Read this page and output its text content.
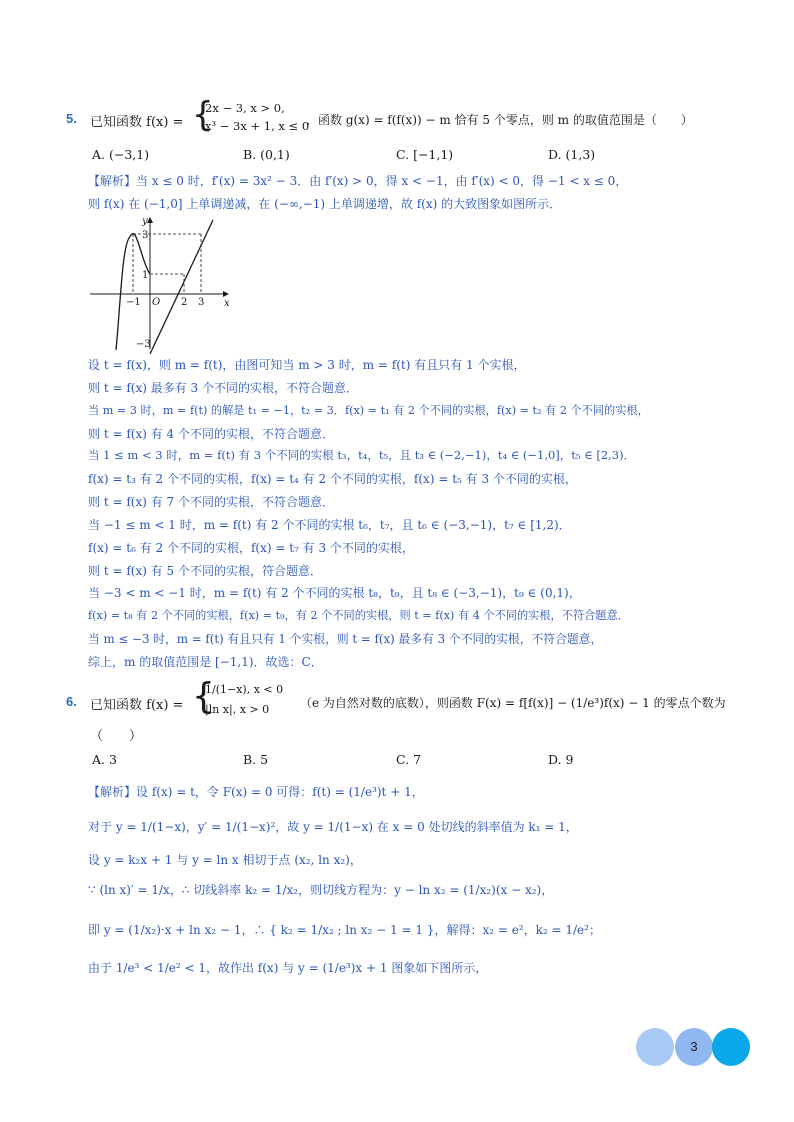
5. 已知函数 f(x) = {
2x − 3, x > 0,
x³ − 3x + 1, x ≤ 0
，函数 g(x) = f(f(x)) − m 恰有 5 个零点，则 m 的取值范围是（　　）
A. (−3,1)	B. (0,1)	C. [−1,1)	D. (1,3)
【解析】当 x ≤ 0 时，f′(x) = 3x² − 3．由 f′(x) > 0，得 x < −1，由 f′(x) < 0，得 −1 < x ≤ 0，
则 f(x) 在 (−1,0] 上单调递减，在 (−∞,−1) 上单调递增，故 f(x) 的大致图象如图所示．
y
x
O
3
1
−3
−1	2 3
设 t = f(x)，则 m = f(t)，由图可知当 m > 3 时，m = f(t) 有且只有 1 个实根，
则 t = f(x) 最多有 3 个不同的实根，不符合题意．
当 m = 3 时，m = f(t) 的解是 t₁ = −1，t₂ = 3．f(x) = t₁ 有 2 个不同的实根，f(x) = t₂ 有 2 个不同的实根，
则 t = f(x) 有 4 个不同的实根，不符合题意．
当 1 ≤ m < 3 时，m = f(t) 有 3 个不同的实根 t₃，t₄，t₅，且 t₃ ∈ (−2,−1)，t₄ ∈ (−1,0]，t₅ ∈ [2,3)．
f(x) = t₃ 有 2 个不同的实根，f(x) = t₄ 有 2 个不同的实根，f(x) = t₅ 有 3 个不同的实根，
则 t = f(x) 有 7 个不同的实根，不符合题意．
当 −1 ≤ m < 1 时，m = f(t) 有 2 个不同的实根 t₆，t₇，且 t₆ ∈ (−3,−1)，t₇ ∈ [1,2)．
f(x) = t₆ 有 2 个不同的实根，f(x) = t₇ 有 3 个不同的实根，
则 t = f(x) 有 5 个不同的实根，符合题意．
当 −3 < m < −1 时，m = f(t) 有 2 个不同的实根 t₈，t₉，且 t₈ ∈ (−3,−1)，t₉ ∈ (0,1)，
f(x) = t₈ 有 2 个不同的实根，f(x) = t₉，有 2 个不同的实根，则 t = f(x) 有 4 个不同的实根，不符合题意．
当 m ≤ −3 时，m = f(t) 有且只有 1 个实根，则 t = f(x) 最多有 3 个不同的实根，不符合题意，
综上，m 的取值范围是 [−1,1)．故选：C．
6. 已知函数 f(x) = {
1/(1−x), x < 0
|ln x|, x > 0	（e 为自然对数的底数），则函数 F(x) = f[f(x)] − (1/e³)f(x) − 1 的零点个数为
（　　）
A. 3	B. 5	C. 7	D. 9
【解析】设 f(x) = t，令 F(x) = 0 可得：f(t) = (1/e³)t + 1，
对于 y = 1/(1−x)，y′ = 1/(1−x)²，故 y = 1/(1−x) 在 x = 0 处切线的斜率值为 k₁ = 1，
设 y = k₂x + 1 与 y = ln x 相切于点 (x₂, ln x₂)，
∵ (ln x)′ = 1/x，∴ 切线斜率 k₂ = 1/x₂，则切线方程为：y − ln x₂ = (1/x₂)(x − x₂)，
即 y = (1/x₂)·x + ln x₂ − 1，∴ { k₂ = 1/x₂ ; ln x₂ − 1 = 1 }，解得：x₂ = e²，k₂ = 1/e²；
由于 1/e³ < 1/e² < 1，故作出 f(x) 与 y = (1/e³)x + 1 图象如下图所示，
3
